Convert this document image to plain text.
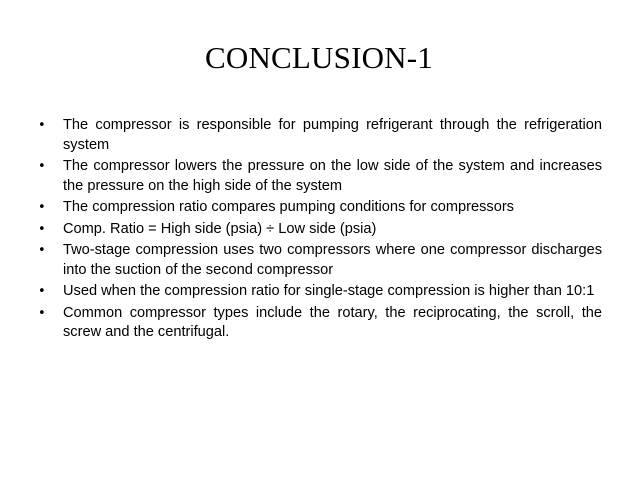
CONCLUSION-1
• The compressor is responsible for pumping refrigerant through the refrigeration system
• The compressor lowers the pressure on the low side of the system and increases the pressure on the high side of the system
• The compression ratio compares pumping conditions for compressors
• Comp. Ratio = High side (psia) ÷ Low side (psia)
• Two-stage compression uses two compressors where one compressor discharges into the suction of the second compressor
• Used when the compression ratio for single-stage compression is higher than 10:1
• Common compressor types include the rotary, the reciprocating, the scroll, the screw and the centrifugal.
